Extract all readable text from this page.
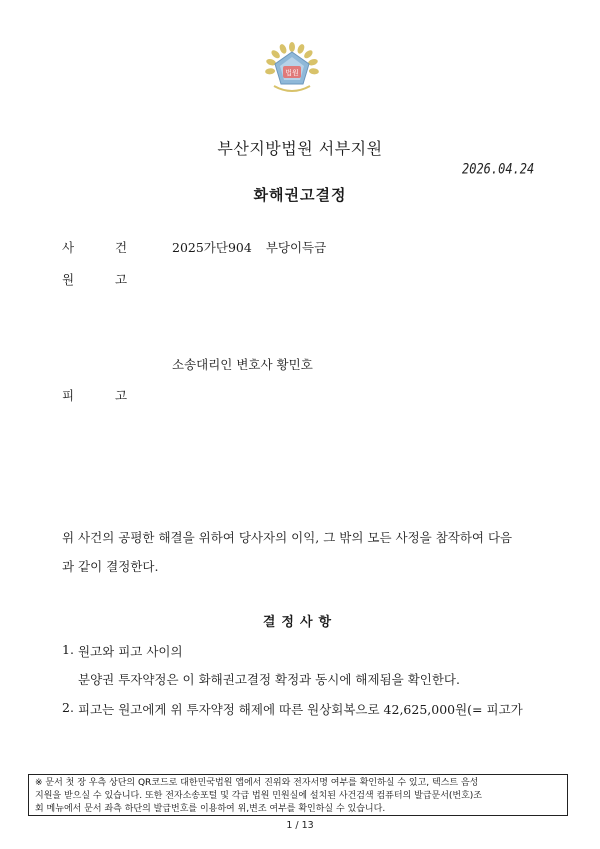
법원
부산지방법원 서부지원
2026.04.24
화해권고결정
사	건	2025가단904 부당이득금
원	고
소송대리인 변호사 황민호
피	고
위 사건의 공평한 해결을 위하여 당사자의 이익, 그 밖의 모든 사정을 참작하여 다음
과 같이 결정한다.
결정사항
1. 원고와 피고 사이의
분양권 투자약정은 이 화해권고결정 확정과 동시에 해제됨을 확인한다.
2. 피고는 원고에게 위 투자약정 해제에 따른 원상회복으로 42,625,000원(= 피고가
※ 문서 첫 장 우측 상단의 QR코드로 대한민국법원 앱에서 진위와 전자서명 여부를 확인하실 수 있고, 텍스트 음성
지원을 받으실 수 있습니다. 또한 전자소송포털 및 각급 법원 민원실에 설치된 사건검색 컴퓨터의 발급문서(번호)조
회 메뉴에서 문서 좌측 하단의 발급번호를 이용하여 위,변조 여부를 확인하실 수 있습니다.
1 / 13
